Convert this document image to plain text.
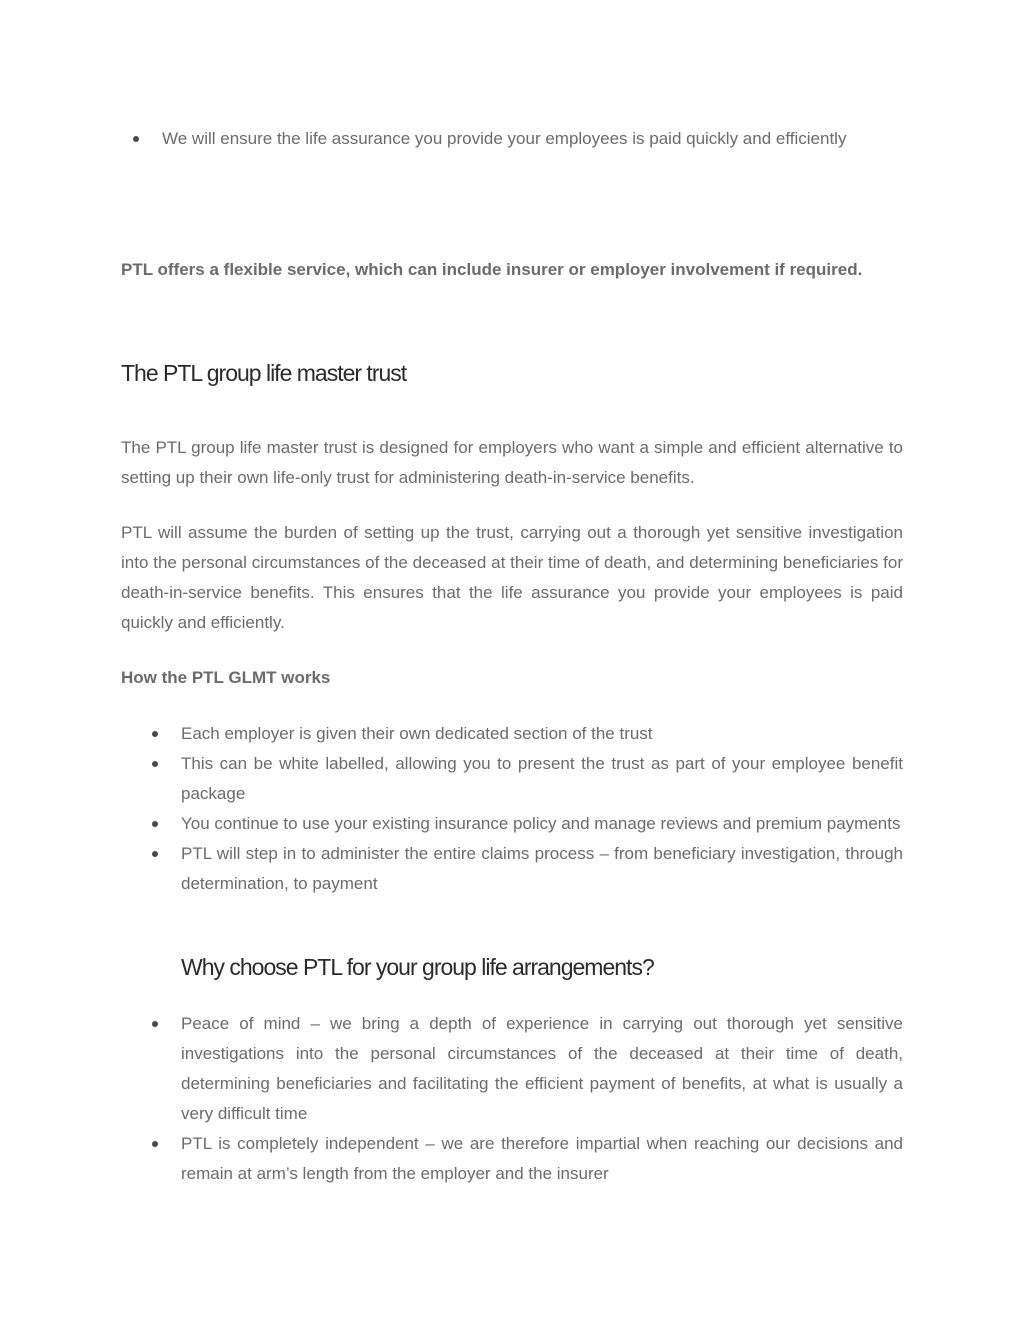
We will ensure the life assurance you provide your employees is paid quickly and efficiently

PTL offers a flexible service, which can include insurer or employer involvement if required.

The PTL group life master trust

The PTL group life master trust is designed for employers who want a simple and efficient alternative to setting up their own life-only trust for administering death-in-service benefits.

PTL will assume the burden of setting up the trust, carrying out a thorough yet sensitive investigation into the personal circumstances of the deceased at their time of death, and determining beneficiaries for death-in-service benefits. This ensures that the life assurance you provide your employees is paid quickly and efficiently.

How the PTL GLMT works

Each employer is given their own dedicated section of the trust
This can be white labelled, allowing you to present the trust as part of your employee benefit package
You continue to use your existing insurance policy and manage reviews and premium payments
PTL will step in to administer the entire claims process – from beneficiary investigation, through determination, to payment
Why choose PTL for your group life arrangements?
Peace of mind – we bring a depth of experience in carrying out thorough yet sensitive investigations into the personal circumstances of the deceased at their time of death, determining beneficiaries and facilitating the efficient payment of benefits, at what is usually a very difficult time
PTL is completely independent – we are therefore impartial when reaching our decisions and remain at arm’s length from the employer and the insurer
